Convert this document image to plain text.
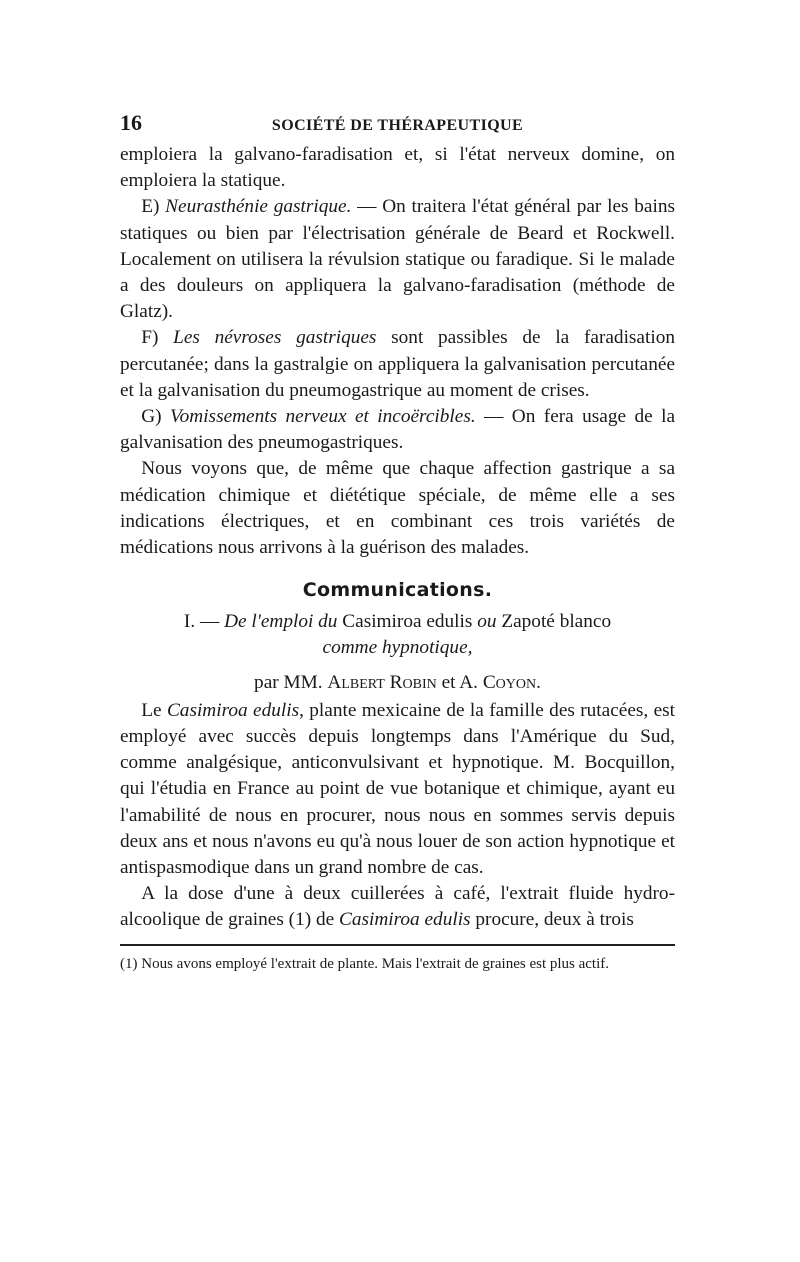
16	SOCIÉTÉ DE THÉRAPEUTIQUE

emploiera la galvano-faradisation et, si l'état nerveux domine, on emploiera la statique.

E) Neurasthénie gastrique. — On traitera l'état général par les bains statiques ou bien par l'électrisation générale de Beard et Rockwell. Localement on utilisera la révulsion statique ou faradique. Si le malade a des douleurs on appliquera la galvano-faradisation (méthode de Glatz).

F) Les névroses gastriques sont passibles de la faradisation percutanée; dans la gastralgie on appliquera la galvanisation percutanée et la galvanisation du pneumogastrique au moment de crises.

G) Vomissements nerveux et incoërcibles. — On fera usage de la galvanisation des pneumogastriques.

Nous voyons que, de même que chaque affection gastrique a sa médication chimique et diététique spéciale, de même elle a ses indications électriques, et en combinant ces trois variétés de médications nous arrivons à la guérison des malades.

Communications.
I. — De l'emploi du Casimiroa edulis ou Zapoté blanco
comme hypnotique,
par MM. Albert Robin et A. Coyon.

Le Casimiroa edulis, plante mexicaine de la famille des rutacées, est employé avec succès depuis longtemps dans l'Amérique du Sud, comme analgésique, anticonvulsivant et hypnotique. M. Bocquillon, qui l'étudia en France au point de vue botanique et chimique, ayant eu l'amabilité de nous en procurer, nous nous en sommes servis depuis deux ans et nous n'avons eu qu'à nous louer de son action hypnotique et antispasmodique dans un grand nombre de cas.

A la dose d'une à deux cuillerées à café, l'extrait fluide hydro-alcoolique de graines (1) de Casimiroa edulis procure, deux à trois

(1) Nous avons employé l'extrait de plante. Mais l'extrait de graines est plus actif.
